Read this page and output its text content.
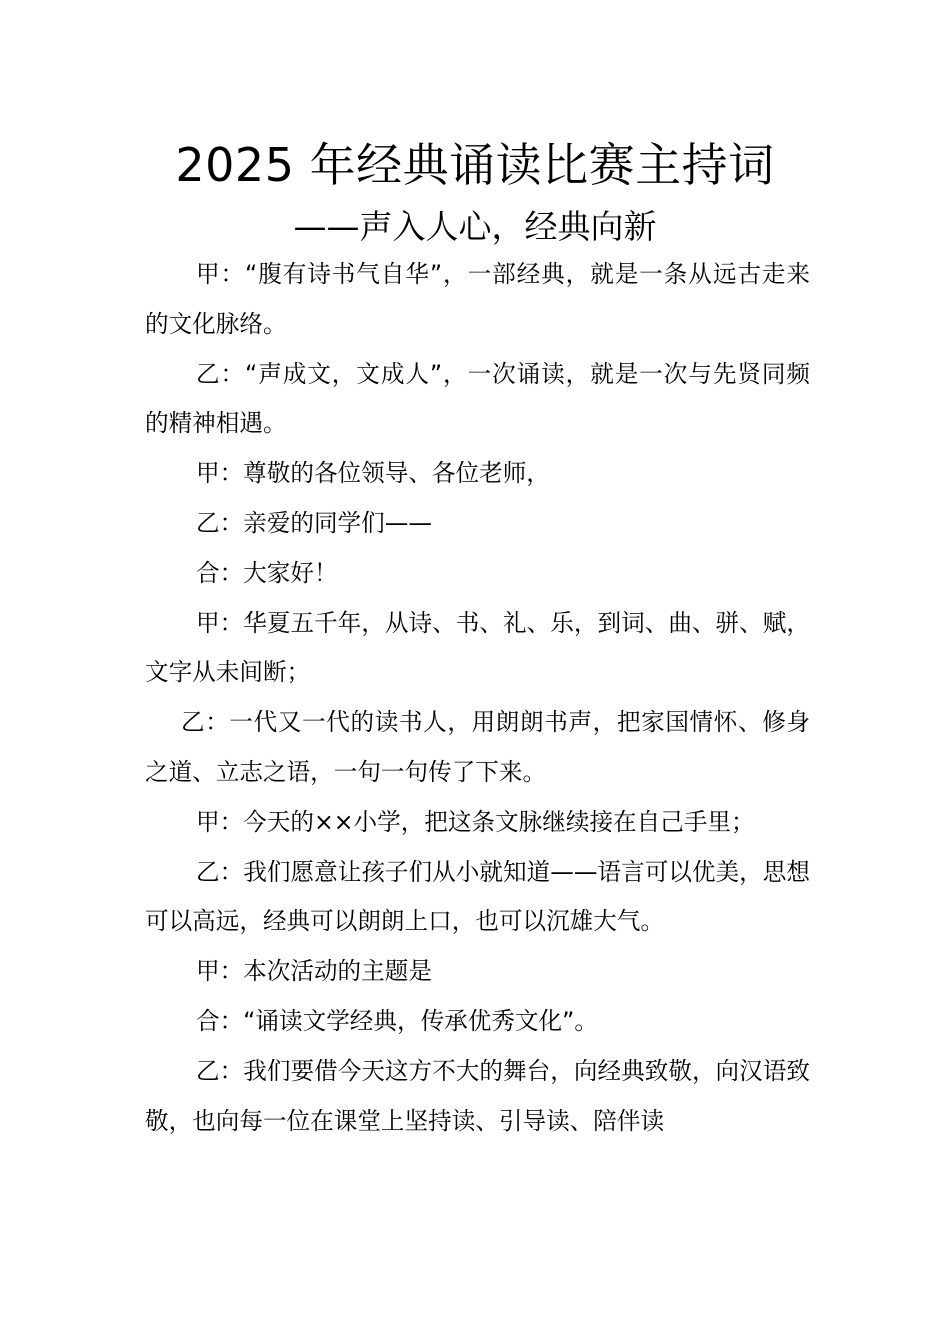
2025 年经典诵读比赛主持词
——声入人心，经典向新

甲：“腹有诗书气自华”，一部经典，就是一条从远古走来的文化脉络。

乙：“声成文，文成人”，一次诵读，就是一次与先贤同频的精神相遇。

甲：尊敬的各位领导、各位老师，

乙：亲爱的同学们——

合：大家好！

甲：华夏五千年，从诗、书、礼、乐，到词、曲、骈、赋，文字从未间断；

乙：一代又一代的读书人，用朗朗书声，把家国情怀、修身之道、立志之语，一句一句传了下来。

甲：今天的××小学，把这条文脉继续接在自己手里；

乙：我们愿意让孩子们从小就知道——语言可以优美，思想可以高远，经典可以朗朗上口，也可以沉雄大气。

甲：本次活动的主题是

合：“诵读文学经典，传承优秀文化”。

乙：我们要借今天这方不大的舞台，向经典致敬，向汉语致敬，也向每一位在课堂上坚持读、引导读、陪伴读
